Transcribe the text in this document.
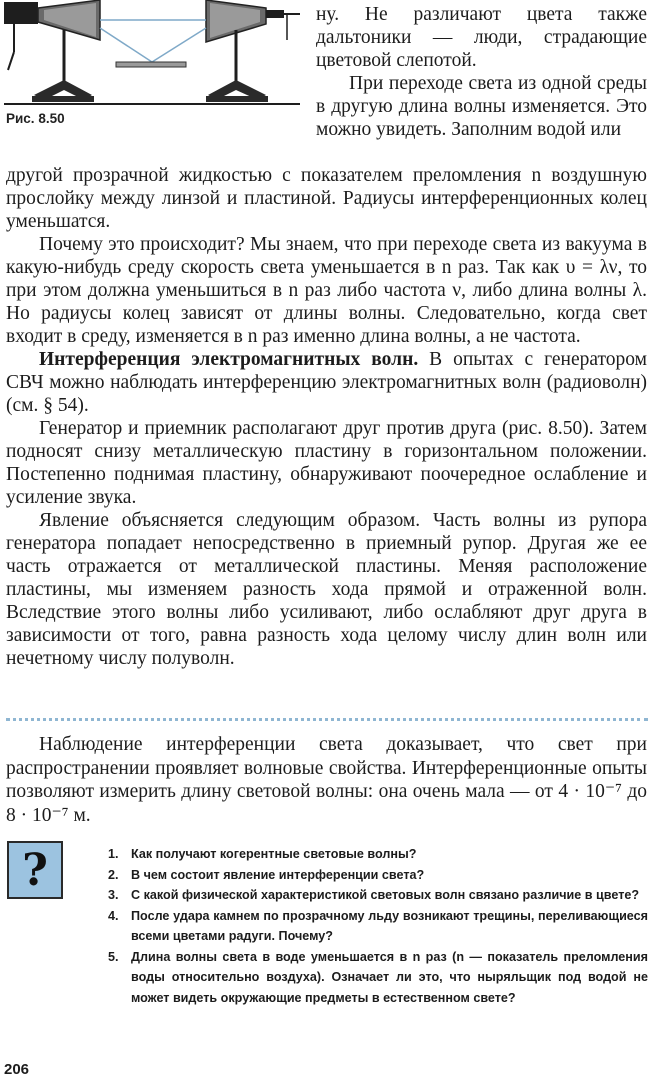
Рис. 8.50

ну. Не различают цвета также дальтоники — люди, страдающие цветовой слепотой.

При переходе света из одной среды в другую длина волны изменяется. Это можно увидеть. Заполним водой или

другой прозрачной жидкостью с показателем преломления n воздушную прослойку между линзой и пластиной. Радиусы интерференционных колец уменьшатся.

Почему это происходит? Мы знаем, что при переходе света из вакуума в какую-нибудь среду скорость света уменьшается в n раз. Так как υ = λν, то при этом должна уменьшиться в n раз либо частота ν, либо длина волны λ. Но радиусы колец зависят от длины волны. Следовательно, когда свет входит в среду, изменяется в n раз именно длина волны, а не частота.

Интерференция электромагнитных волн. В опытах с генератором СВЧ можно наблюдать интерференцию электромагнитных волн (радиоволн) (см. § 54).

Генератор и приемник располагают друг против друга (рис. 8.50). Затем подносят снизу металлическую пластину в горизонтальном положении. Постепенно поднимая пластину, обнаруживают поочередное ослабление и усиление звука.

Явление объясняется следующим образом. Часть волны из рупора генератора попадает непосредственно в приемный рупор. Другая же ее часть отражается от металлической пластины. Меняя расположение пластины, мы изменяем разность хода прямой и отраженной волн. Вследствие этого волны либо усиливают, либо ослабляют друг друга в зависимости от того, равна разность хода целому числу длин волн или нечетному числу полуволн.

Наблюдение интерференции света доказывает, что свет при распространении проявляет волновые свойства. Интерференционные опыты позволяют измерить длину световой волны: она очень мала — от 4 · 10⁻⁷ до 8 · 10⁻⁷ м.

?	1. Как получают когерентные световые волны?
2. В чем состоит явление интерференции света?
3. С какой физической характеристикой световых волн связано различие в цвете?
4. После удара камнем по прозрачному льду возникают трещины, переливающиеся всеми цветами радуги. Почему?
5. Длина волны света в воде уменьшается в n раз (n — показатель преломления воды относительно воздуха). Означает ли это, что ныряльщик под водой не может видеть окружающие предметы в естественном свете?
206
